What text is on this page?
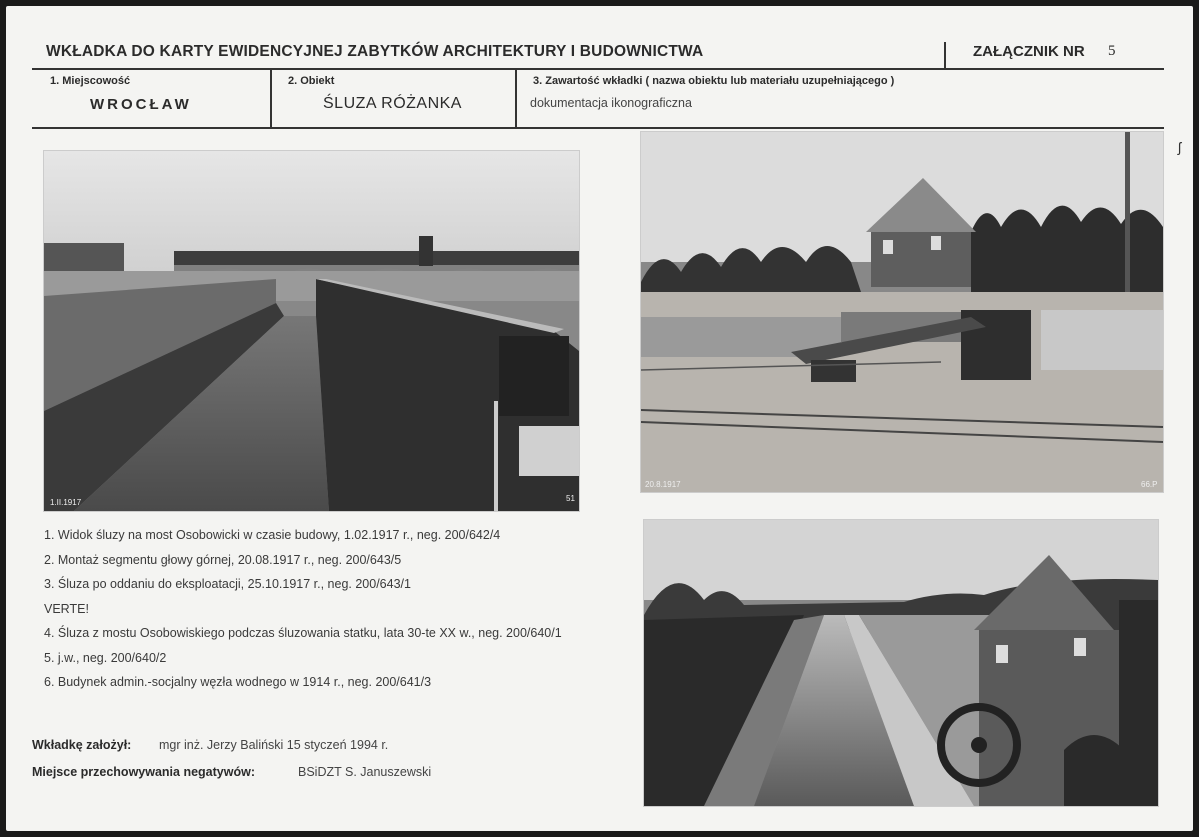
WKŁADKA DO KARTY EWIDENCYJNEJ ZABYTKÓW ARCHITEKTURY I BUDOWNICTWA	ZAŁĄCZNIK NR 5
1. Miejscowość
WROCŁAW
2. Obiekt
ŚLUZA RÓŻANKA
3. Zawartość wkładki ( nazwa obiektu lub materiału uzupełniającego )
dokumentacja ikonograficzna
ʃ
1.II.1917	51
20.8.1917	66.P
1. Widok śluzy na most Osobowicki w czasie budowy, 1.02.1917 r., neg. 200/642/4
2. Montaż segmentu głowy górnej, 20.08.1917 r., neg. 200/643/5
3. Śluza po oddaniu do eksploatacji, 25.10.1917 r., neg. 200/643/1
VERTE!
4. Śluza z mostu Osobowiskiego podczas śluzowania statku, lata 30-te XX w., neg. 200/640/1
5. j.w., neg. 200/640/2
6. Budynek admin.-socjalny węzła wodnego w 1914 r., neg. 200/641/3
Wkładkę założył: mgr inż. Jerzy Baliński 15 styczeń 1994 r.
Miejsce przechowywania negatywów:	BSiDZT S. Januszewski
